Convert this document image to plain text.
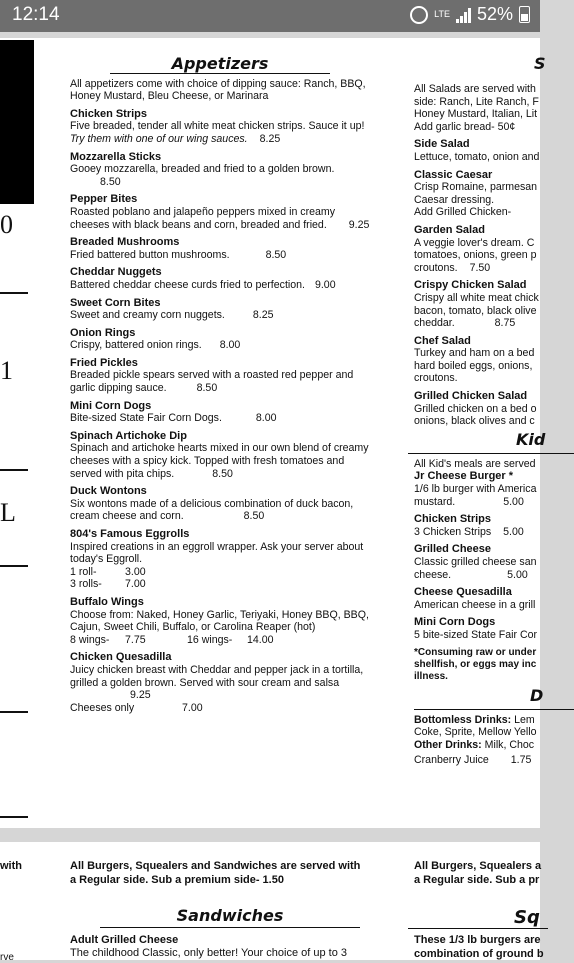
12:14	LTE 52%
0
1
L
Appetizers
All appetizers come with choice of dipping sauce: Ranch, BBQ, Honey Mustard, Bleu Cheese, or Marinara
Chicken Strips
Five breaded, tender all white meat chicken strips. Sauce it up! Try them with one of our wing sauces. 8.25
Mozzarella Sticks
Gooey mozzarella, breaded and fried to a golden brown.8.50
Pepper Bites
Roasted poblano and jalapeño peppers mixed in creamy cheeses with black beans and corn, breaded and fried. 9.25
Breaded Mushrooms
Fried battered button mushrooms.	8.50
Cheddar Nuggets
Battered cheddar cheese curds fried to perfection. 9.00
Sweet Corn Bites
Sweet and creamy corn nuggets.	8.25
Onion Rings
Crispy, battered onion rings. 8.00
Fried Pickles
Breaded pickle spears served with a roasted red pepper and garlic dipping sauce.	8.50
Mini Corn Dogs
Bite-sized State Fair Corn Dogs.	8.00
Spinach Artichoke Dip
Spinach and artichoke hearts mixed in our own blend of creamy cheeses with a spicy kick. Topped with fresh tomatoes and served with pita chips.	8.50
Duck Wontons
Six wontons made of a delicious combination of duck bacon, cream cheese and corn.	8.50
804's Famous Eggrolls
Inspired creations in an eggroll wrapper. Ask your server about today's Eggroll.
1 roll-	3.00
3 rolls- 7.00
Buffalo Wings
Choose from: Naked, Honey Garlic, Teriyaki, Honey BBQ, BBQ, Cajun, Sweet Chili, Buffalo, or Carolina Reaper (hot)
8 wings- 7.75	16 wings- 14.00
Chicken Quesadilla
Juicy chicken breast with Cheddar and pepper jack in a tortilla, grilled a golden brown. Served with sour cream and salsa9.25
Cheeses only	7.00
S
All Salads are served with
side: Ranch, Lite Ranch, F
Honey Mustard, Italian, Lit
Add garlic bread- 50¢
Side Salad
Lettuce, tomato, onion and
Classic Caesar
Crisp Romaine, parmesan
Caesar dressing.
Add Grilled Chicken-
Garden Salad
A veggie lover's dream. C
tomatoes, onions, green p
croutons. 7.50
Crispy Chicken Salad
Crispy all white meat chick
bacon, tomato, black olive
cheddar.	8.75
Chef Salad
Turkey and ham on a bed
hard boiled eggs, onions,
croutons.
Grilled Chicken Salad
Grilled chicken on a bed o
onions, black olives and c
Kid
All Kid's meals are served
Jr Cheese Burger *
1/6 lb burger with America
mustard.	5.00
Chicken Strips
3 Chicken Strips 5.00
Grilled Cheese
Classic grilled cheese san
cheese.	5.00
Cheese Quesadilla
American cheese in a grill
Mini Corn Dogs
5 bite-sized State Fair Cor
*Consuming raw or under
shellfish, or eggs may inc
illness.
D
Bottomless Drinks: Lem
Coke, Sprite, Mellow Yello
Other Drinks: Milk, Choc
Cranberry Juice 1.75
with
rve
All Burgers, Squealers and Sandwiches are served with
a Regular side. Sub a premium side- 1.50
Sandwiches
Adult Grilled Cheese
The childhood Classic, only better! Your choice of up to 3
All Burgers, Squealers a
a Regular side. Sub a pr
Sq
These 1/3 lb burgers are
combination of ground b
